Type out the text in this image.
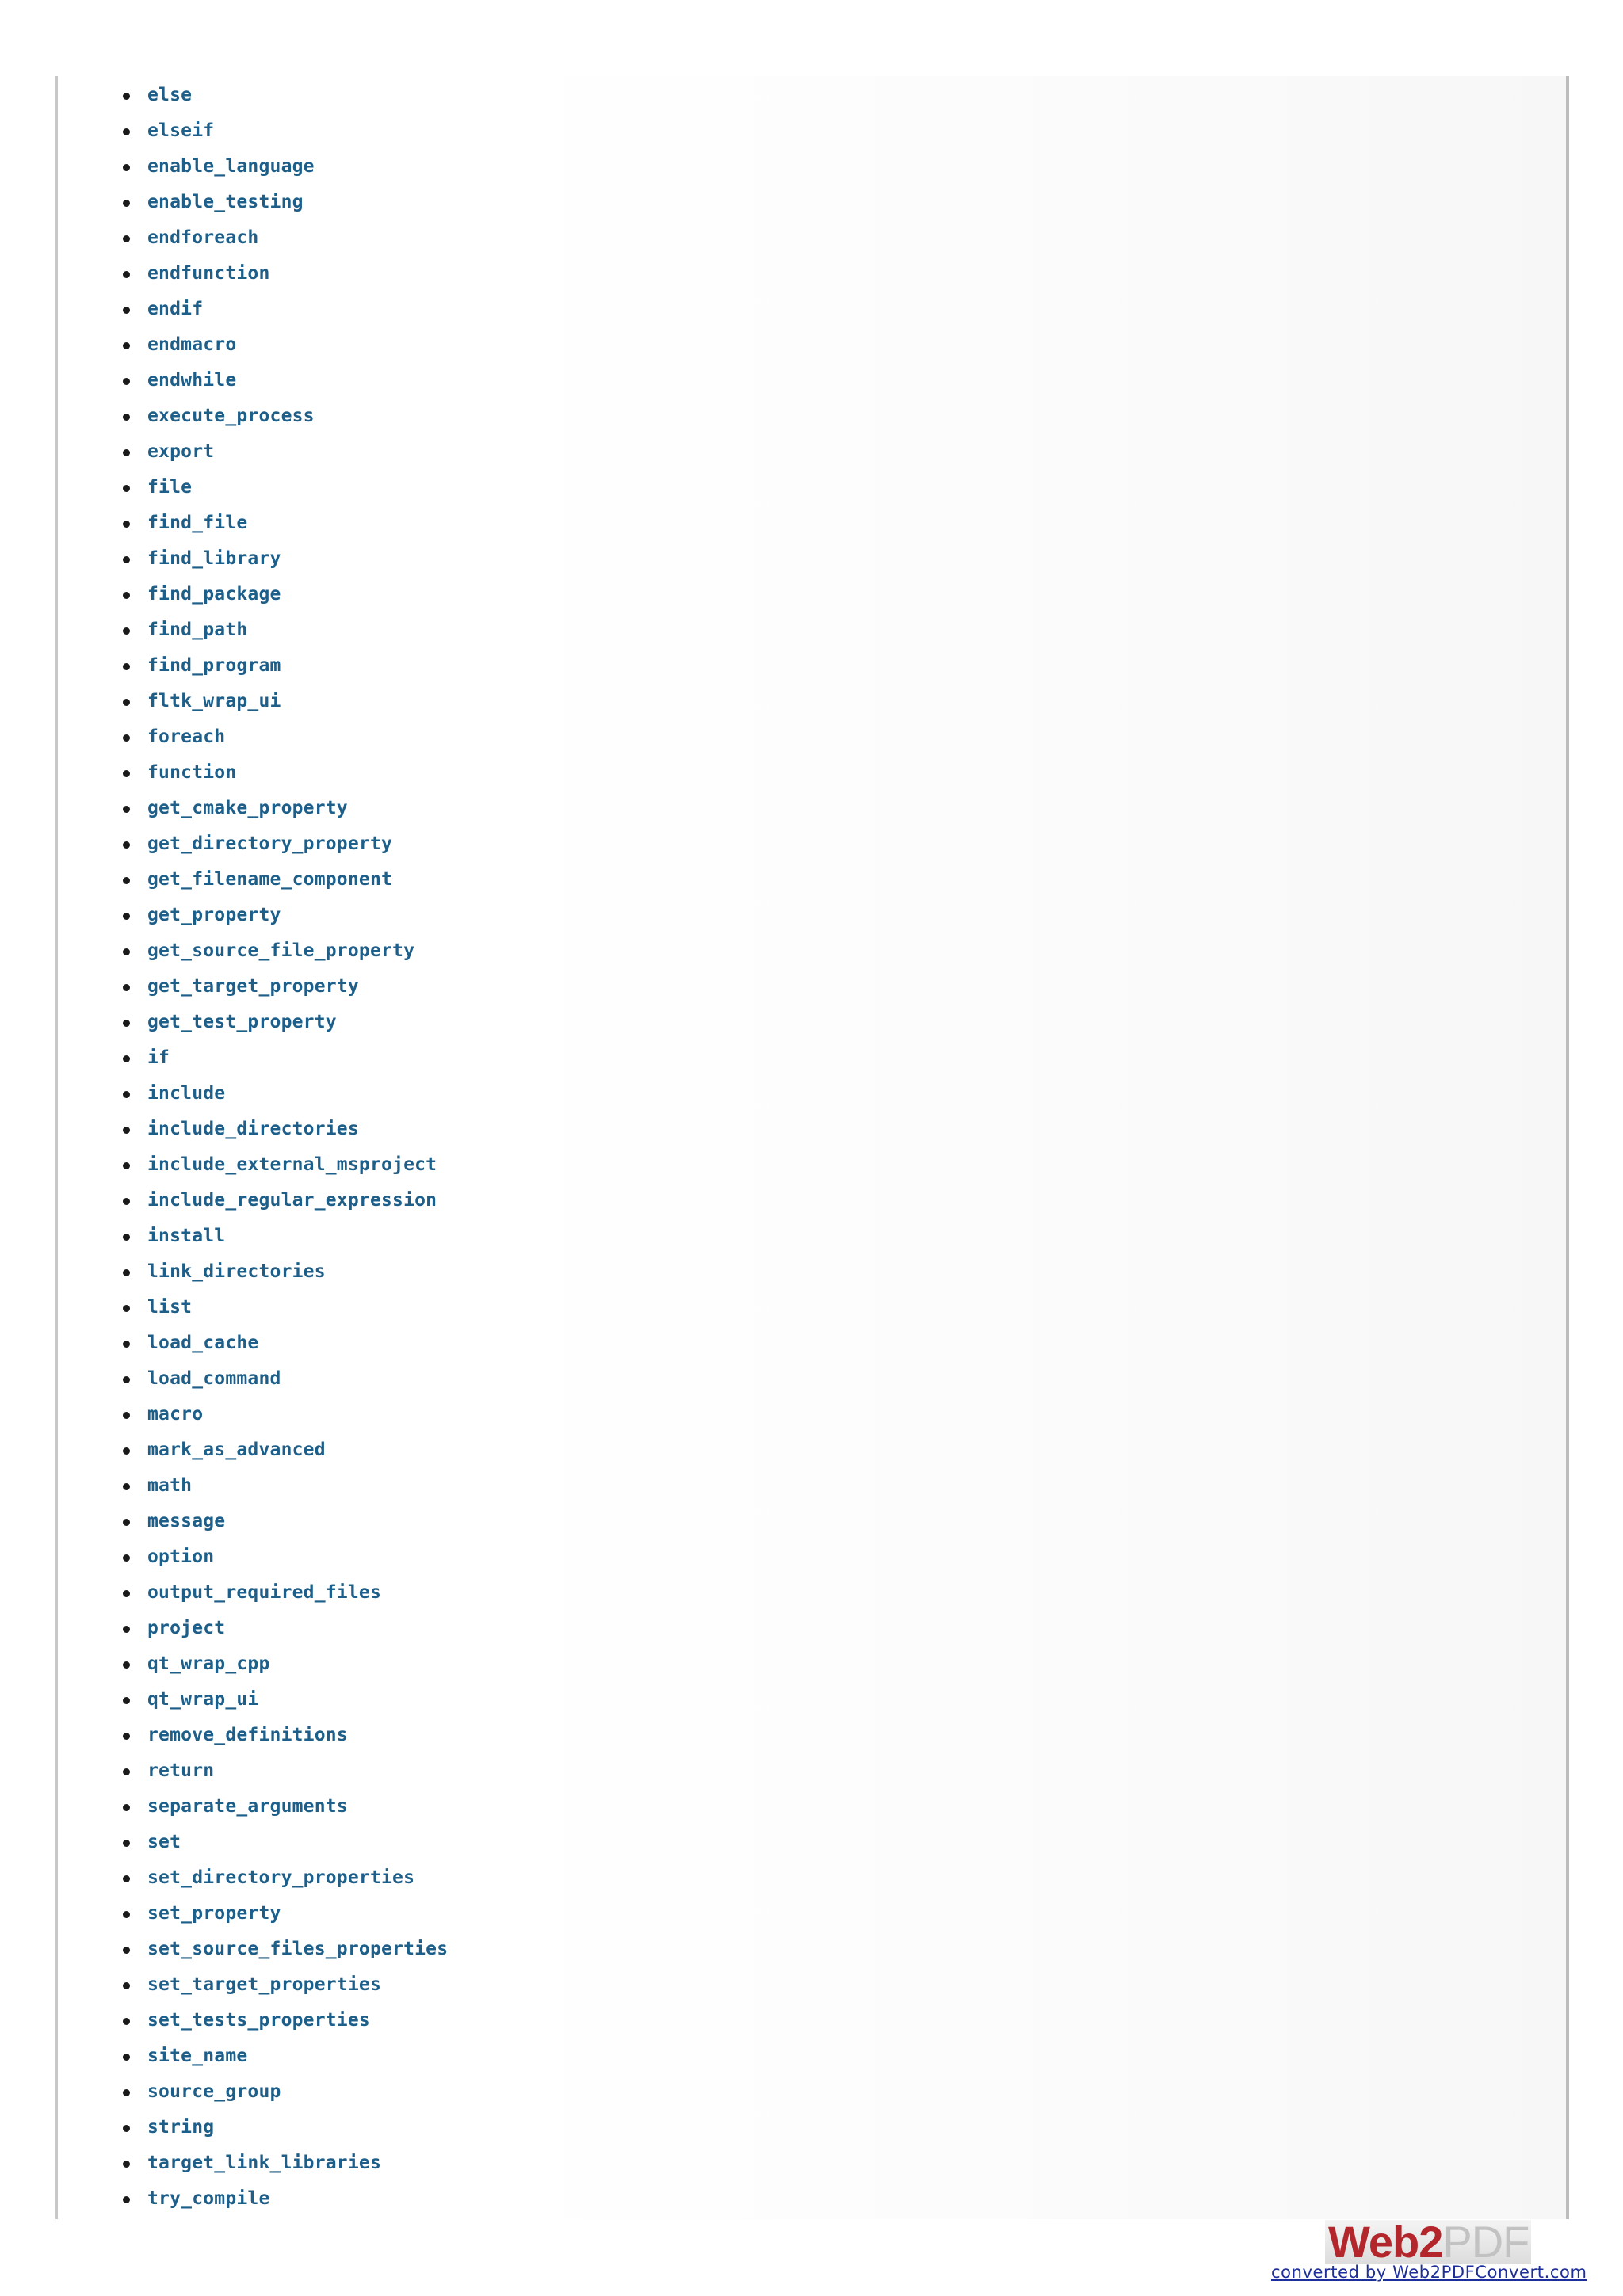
else
elseif
enable_language
enable_testing
endforeach
endfunction
endif
endmacro
endwhile
execute_process
export
file
find_file
find_library
find_package
find_path
find_program
fltk_wrap_ui
foreach
function
get_cmake_property
get_directory_property
get_filename_component
get_property
get_source_file_property
get_target_property
get_test_property
if
include
include_directories
include_external_msproject
include_regular_expression
install
link_directories
list
load_cache
load_command
macro
mark_as_advanced
math
message
option
output_required_files
project
qt_wrap_cpp
qt_wrap_ui
remove_definitions
return
separate_arguments
set
set_directory_properties
set_property
set_source_files_properties
set_target_properties
set_tests_properties
site_name
source_group
string
target_link_libraries
try_compile
Web2PDF
converted by Web2PDFConvert.com
